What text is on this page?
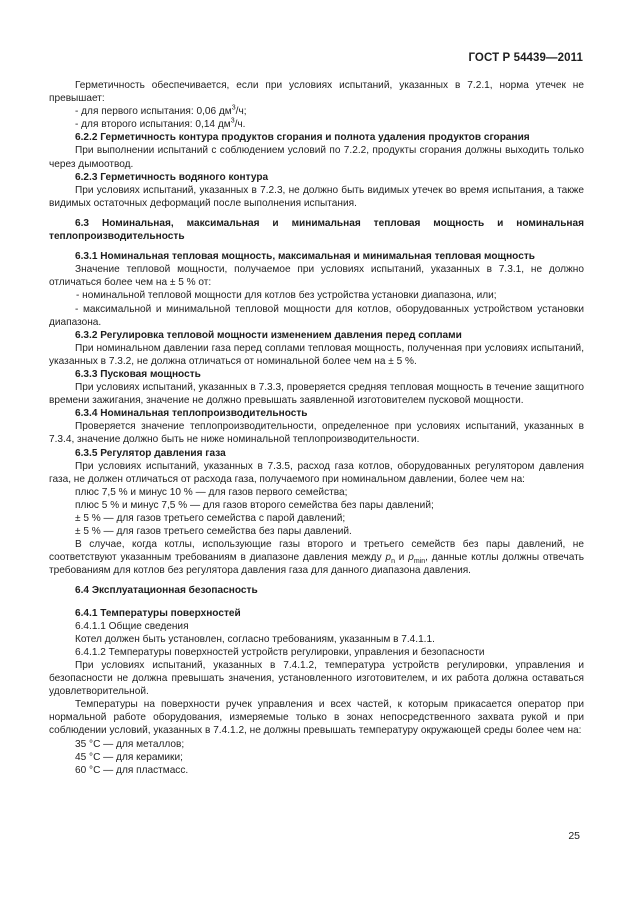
ГОСТ Р 54439—2011

Герметичность обеспечивается, если при условиях испытаний, указанных в 7.2.1, норма утечек не превышает:

- для первого испытания: 0,06 $дм^3/ч$;

- для второго испытания: 0,14 $дм^3/ч$.

6.2.2 Герметичность контура продуктов сгорания и полнота удаления продуктов сгорания

При выполнении испытаний с соблюдением условий по 7.2.2, продукты сгорания должны выходить только через дымоотвод.

6.2.3 Герметичность водяного контура

При условиях испытаний, указанных в 7.2.3, не должно быть видимых утечек во время испытания, а также видимых остаточных деформаций после выполнения испытания.

6.3 Номинальная, максимальная и минимальная тепловая мощность и номинальная теплопроизводительность

6.3.1 Номинальная тепловая мощность, максимальная и минимальная тепловая мощность

Значение тепловой мощности, получаемое при условиях испытаний, указанных в 7.3.1, не должно отличаться более чем на ± 5 % от:

- номинальной тепловой мощности для котлов без устройства установки диапазона, или;

- максимальной и минимальной тепловой мощности для котлов, оборудованных устройством установки диапазона.

6.3.2 Регулировка тепловой мощности изменением давления перед соплами

При номинальном давлении газа перед соплами тепловая мощность, полученная при условиях испытаний, указанных в 7.3.2, не должна отличаться от номинальной более чем на ± 5 %.

6.3.3 Пусковая мощность

При условиях испытаний, указанных в 7.3.3, проверяется средняя тепловая мощность в течение защитного времени зажигания, значение не должно превышать заявленной изготовителем пусковой мощности.

6.3.4 Номинальная теплопроизводительность

Проверяется значение теплопроизводительности, определенное при условиях испытаний, указанных в 7.3.4, значение должно быть не ниже номинальной теплопроизводительности.

6.3.5 Регулятор давления газа

При условиях испытаний, указанных в 7.3.5, расход газа котлов, оборудованных регулятором давления газа, не должен отличаться от расхода газа, получаемого при номинальном давлении, более чем на:

плюс 7,5 % и минус 10 % — для газов первого семейства;

плюс 5 % и минус 7,5 % — для газов второго семейства без пары давлений;

± 5 % — для газов третьего семейства с парой давлений;

± 5 % — для газов третьего семейства без пары давлений.

В случае, когда котлы, использующие газы второго и третьего семейств без пары давлений, не соответствуют указанным требованиям в диапазоне давления между $p_n$ и $p_{min}$, данные котлы должны отвечать требованиям для котлов без регулятора давления газа для данного диапазона давления.

6.4 Эксплуатационная безопасность

6.4.1 Температуры поверхностей

6.4.1.1 Общие сведения

Котел должен быть установлен, согласно требованиям, указанным в 7.4.1.1.

6.4.1.2 Температуры поверхностей устройств регулировки, управления и безопасности

При условиях испытаний, указанных в 7.4.1.2, температура устройств регулировки, управления и безопасности не должна превышать значения, установленного изготовителем, и их работа должна оставаться удовлетворительной.

Температуры на поверхности ручек управления и всех частей, к которым прикасается оператор при нормальной работе оборудования, измеряемые только в зонах непосредственного захвата рукой и при соблюдении условий, указанных в 7.4.1.2, не должны превышать температуру окружающей среды более чем на:

35 °С — для металлов;

45 °С — для керамики;

60 °С — для пластмасс.

25
